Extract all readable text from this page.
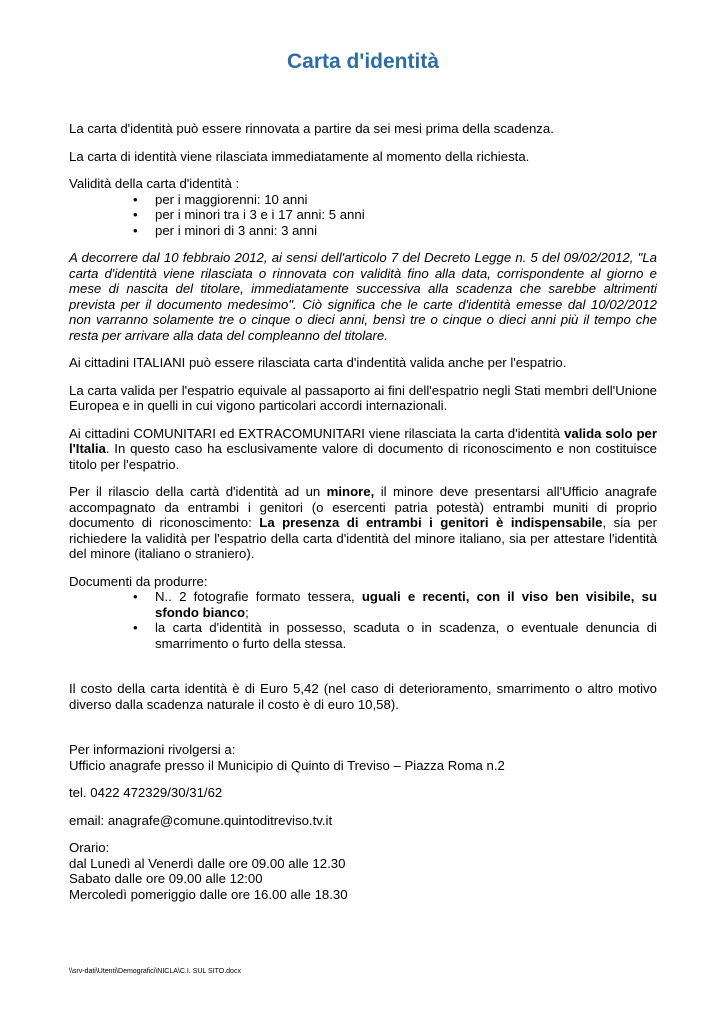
Carta d'identità

La carta d'identità può essere rinnovata a partire da sei mesi prima della scadenza.

La carta di identità viene rilasciata immediatamente al momento della richiesta.

Validità della carta d'identità :

• per i maggiorenni: 10 anni
• per i minori tra i 3 e i 17 anni: 5 anni
• per i minori di 3 anni: 3 anni

A decorrere dal 10 febbraio 2012, ai sensi dell'articolo 7 del Decreto Legge n. 5 del 09/02/2012, "La carta d'identità viene rilasciata o rinnovata con validità fino alla data, corrispondente al giorno e mese di nascita del titolare, immediatamente successiva alla scadenza che sarebbe altrimenti prevista per il documento medesimo". Ciò significa che le carte d'identità emesse dal 10/02/2012 non varranno solamente tre o cinque o dieci anni, bensì tre o cinque o dieci anni più il tempo che resta per arrivare alla data del compleanno del titolare.

Ai cittadini ITALIANI può essere rilasciata carta d'indentità valida anche per l'espatrio.

La carta valida per l'espatrio equivale al passaporto ai fini dell'espatrio negli Stati membri dell'Unione Europea e in quelli in cui vigono particolari accordi internazionali.

Ai cittadini COMUNITARI ed EXTRACOMUNITARI viene rilasciata la carta d'identità valida solo per l'Italia. In questo caso ha esclusivamente valore di documento di riconoscimento e non costituisce titolo per l'espatrio.

Per il rilascio della cartà d'identità ad un minore, il minore deve presentarsi all'Ufficio anagrafe accompagnato da entrambi i genitori (o esercenti patria potestà) entrambi muniti di proprio documento di riconoscimento: La presenza di entrambi i genitori è indispensabile, sia per richiedere la validità per l'espatrio della carta d'identità del minore italiano, sia per attestare l'identità del minore (italiano o straniero).

Documenti da produrre:

• N.. 2 fotografie formato tessera, uguali e recenti, con il viso ben visibile, su sfondo bianco;
• la carta d'identità in possesso, scaduta o in scadenza, o eventuale denuncia di smarrimento o furto della stessa.

Il costo della carta identità è di Euro 5,42 (nel caso di deterioramento, smarrimento o altro motivo diverso dalla scadenza naturale il costo è di euro 10,58).

Per informazioni rivolgersi a:

Ufficio anagrafe presso il Municipio di Quinto di Treviso – Piazza Roma n.2

tel. 0422 472329/30/31/62

email: anagrafe@comune.quintoditreviso.tv.it

Orario:

dal Lunedì al Venerdì dalle ore 09.00 alle 12.30

Sabato dalle ore 09.00 alle 12:00

Mercoledì pomeriggio dalle ore 16.00 alle 18.30

\\srv-dati\Utenti\Demografici\NICLA\C.I. SUL SITO.docx
